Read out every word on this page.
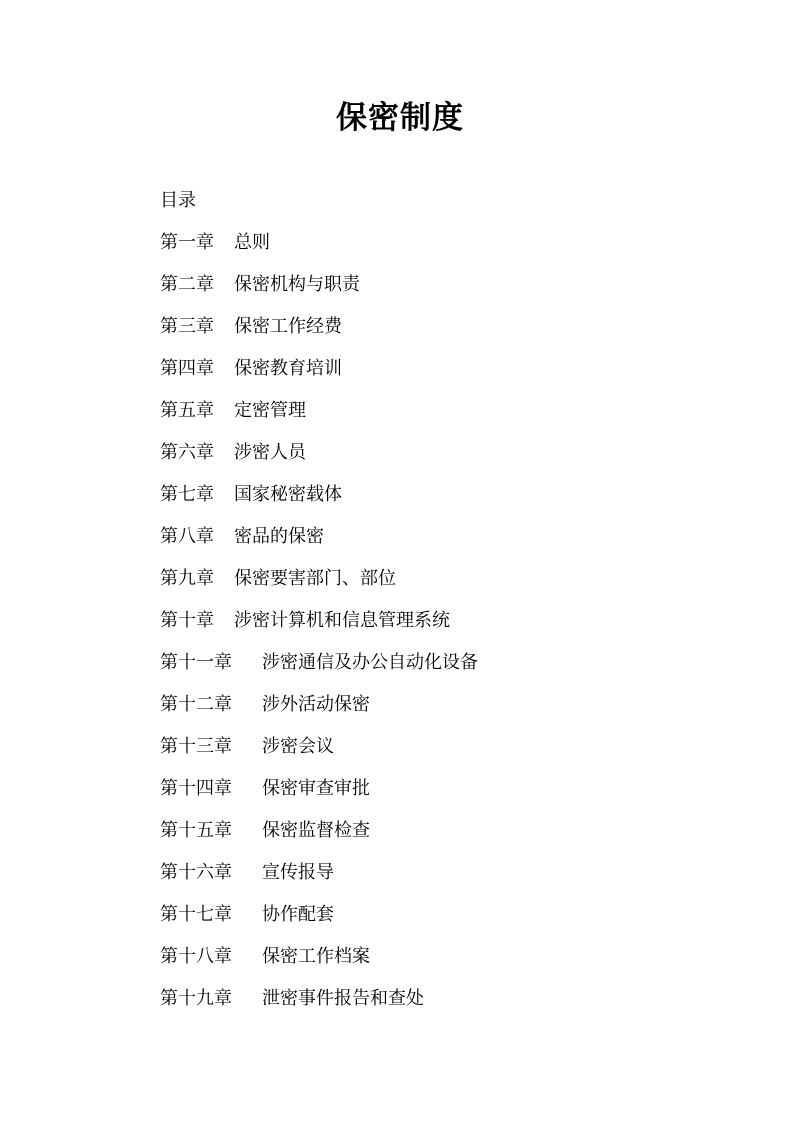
保密制度
目录
第一章 总则
第二章 保密机构与职责
第三章 保密工作经费
第四章 保密教育培训
第五章 定密管理
第六章 涉密人员
第七章 国家秘密载体
第八章 密品的保密
第九章 保密要害部门、部位
第十章 涉密计算机和信息管理系统
第十一章 涉密通信及办公自动化设备
第十二章 涉外活动保密
第十三章 涉密会议
第十四章 保密审查审批
第十五章 保密监督检查
第十六章 宣传报导
第十七章 协作配套
第十八章 保密工作档案
第十九章 泄密事件报告和查处
